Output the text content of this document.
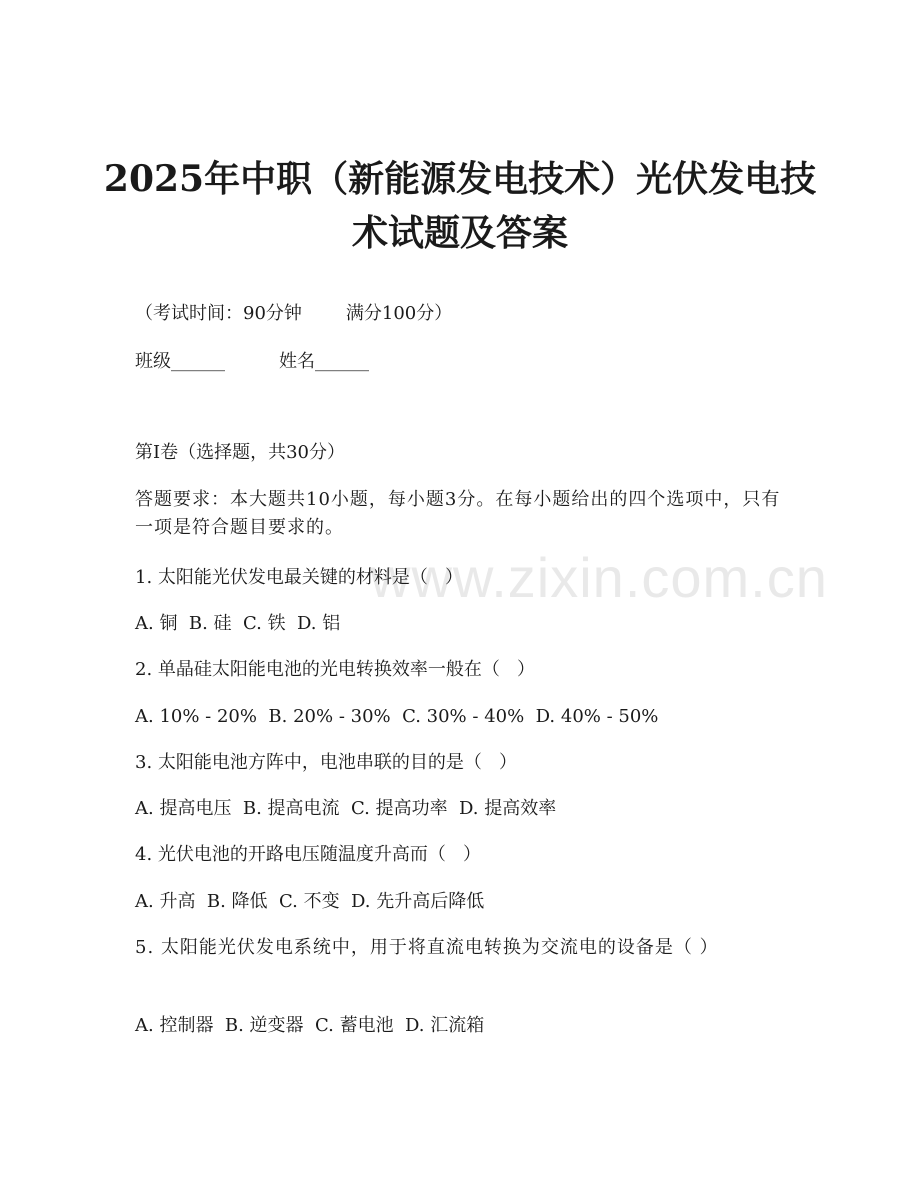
www.zixin.com.cn
2025年中职（新能源发电技术）光伏发电技
术试题及答案
（考试时间：90分钟 满分100分）
班级______	姓名______
第I卷（选择题，共30分）
答题要求：本大题共10小题，每小题3分。在每小题给出的四个选项中，只有一项是符合题目要求的。
1. 太阳能光伏发电最关键的材料是（   ）
A. 铜  B. 硅  C. 铁  D. 铝
2. 单晶硅太阳能电池的光电转换效率一般在（   ）
A. 10% - 20%  B. 20% - 30%  C. 30% - 40%  D. 40% - 50%
3. 太阳能电池方阵中，电池串联的目的是（   ）
A. 提高电压  B. 提高电流  C. 提高功率  D. 提高效率
4. 光伏电池的开路电压随温度升高而（   ）
A. 升高  B. 降低  C. 不变  D. 先升高后降低
5. 太阳能光伏发电系统中，用于将直流电转换为交流电的设备是（ ）
A. 控制器  B. 逆变器  C. 蓄电池  D. 汇流箱
